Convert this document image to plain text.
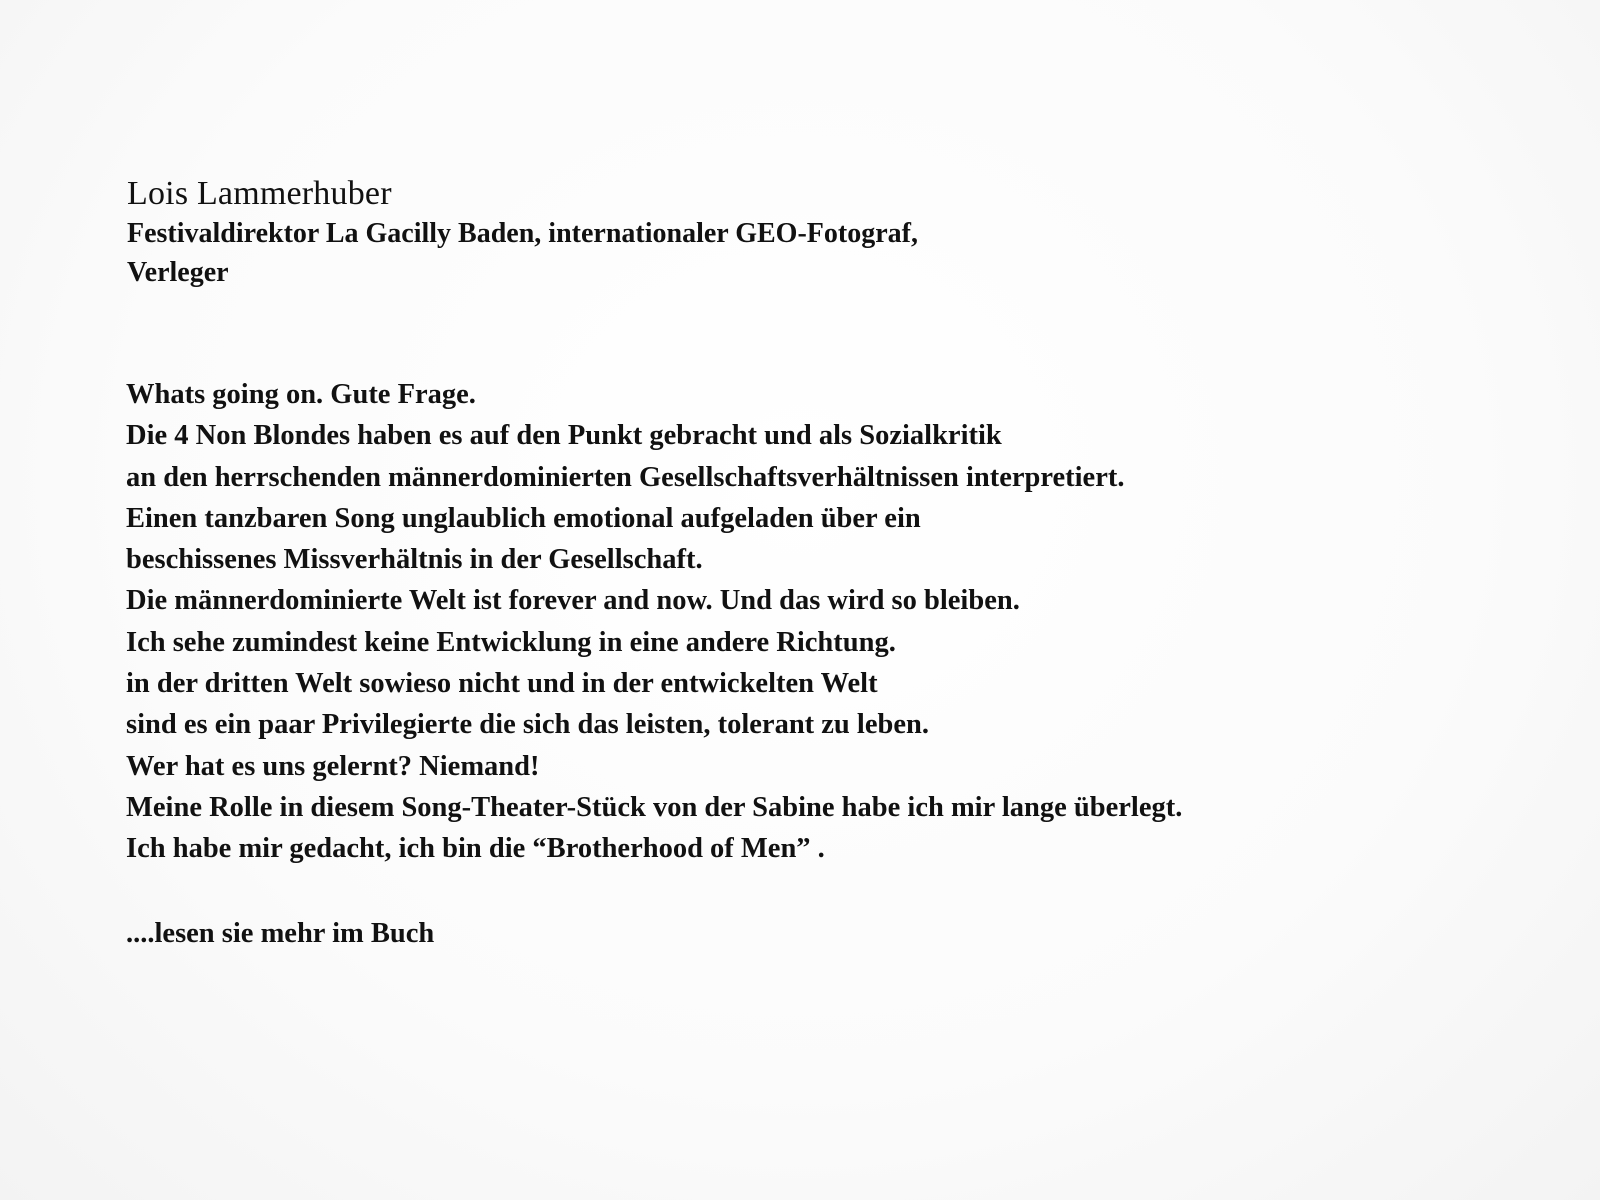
Lois Lammerhuber

Festivaldirektor La Gacilly Baden, internationaler GEO-Fotograf,
Verleger

Whats going on. Gute Frage.

Die 4 Non Blondes haben es auf den Punkt gebracht und als Sozialkritik

an den herrschenden männerdominierten Gesellschaftsverhältnissen interpretiert.

Einen tanzbaren Song unglaublich emotional aufgeladen über ein

beschissenes Missverhältnis in der Gesellschaft.

Die männerdominierte Welt ist forever and now. Und das wird so bleiben.

Ich sehe zumindest keine Entwicklung in eine andere Richtung.

in der dritten Welt sowieso nicht und in der entwickelten Welt

sind es ein paar Privilegierte die sich das leisten, tolerant zu leben.

Wer hat es uns gelernt? Niemand!

Meine Rolle in diesem Song-Theater-Stück von der Sabine habe ich mir lange überlegt.

Ich habe mir gedacht, ich bin die “Brotherhood of Men” .

....lesen sie mehr im Buch
